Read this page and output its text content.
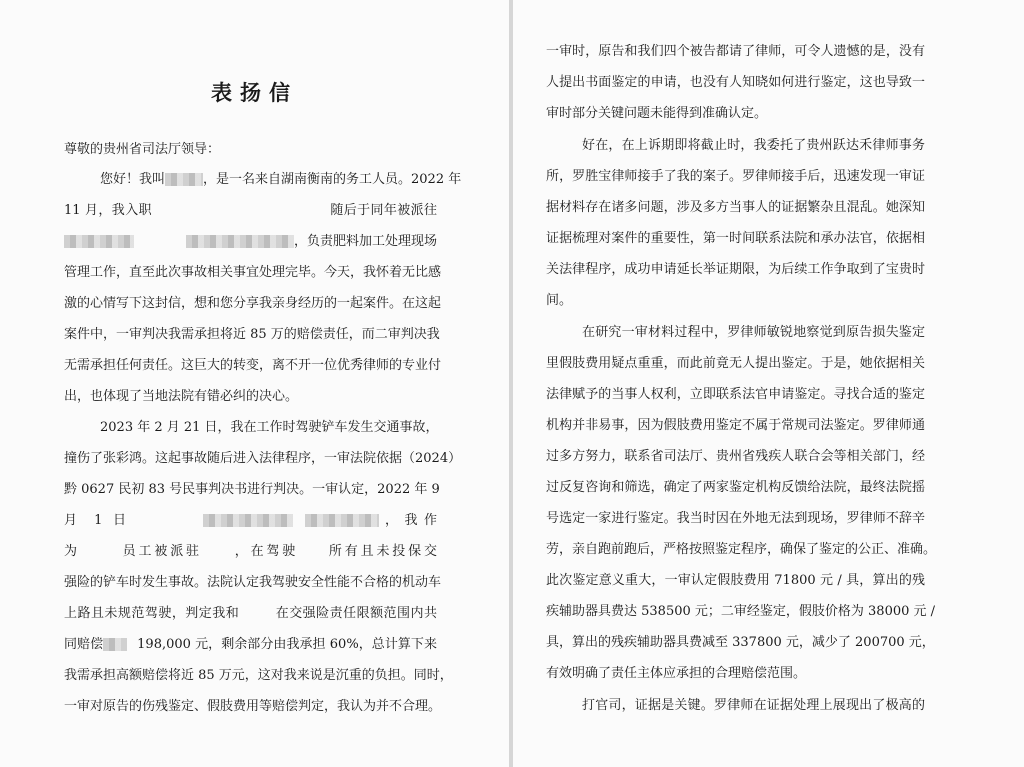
表扬信
尊敬的贵州省司法厅领导：
您好！我叫	，是一名来自湖南衡南的务工人员。2022 年
11 月，我入职	随后于同年被派往
，负责肥料加工处理现场
管理工作，直至此次事故相关事宜处理完毕。今天，我怀着无比感
激的心情写下这封信，想和您分享我亲身经历的一起案件。在这起
案件中，一审判决我需承担将近 85 万的赔偿责任，而二审判决我
无需承担任何责任。这巨大的转变，离不开一位优秀律师的专业付
出，也体现了当地法院有错必纠的决心。
2023 年 2 月 21 日，我在工作时驾驶铲车发生交通事故，
撞伤了张彩鸿。这起事故随后进入法律程序，一审法院依据（2024）
黔 0627 民初 83 号民事判决书进行判决。一审认定，2022 年 9
月 1 日	，我作
为	员工被派驻 ，在驾驶 所有且未投保交
强险的铲车时发生事故。法院认定我驾驶安全性能不合格的机动车
上路且未规范驾驶，判定我和	在交强险责任限额范围内共
同赔偿	198,000 元，剩余部分由我承担 60%，总计算下来
我需承担高额赔偿将近 85 万元，这对我来说是沉重的负担。同时，
一审对原告的伤残鉴定、假肢费用等赔偿判定，我认为并不合理。
一审时，原告和我们四个被告都请了律师，可令人遗憾的是，没有
人提出书面鉴定的申请，也没有人知晓如何进行鉴定，这也导致一
审时部分关键问题未能得到准确认定。
好在，在上诉期即将截止时，我委托了贵州跃达禾律师事务
所，罗胜宝律师接手了我的案子。罗律师接手后，迅速发现一审证
据材料存在诸多问题，涉及多方当事人的证据繁杂且混乱。她深知
证据梳理对案件的重要性，第一时间联系法院和承办法官，依据相
关法律程序，成功申请延长举证期限，为后续工作争取到了宝贵时
间。
在研究一审材料过程中，罗律师敏锐地察觉到原告损失鉴定
里假肢费用疑点重重，而此前竟无人提出鉴定。于是，她依据相关
法律赋予的当事人权利，立即联系法官申请鉴定。寻找合适的鉴定
机构并非易事，因为假肢费用鉴定不属于常规司法鉴定。罗律师通
过多方努力，联系省司法厅、贵州省残疾人联合会等相关部门，经
过反复咨询和筛选，确定了两家鉴定机构反馈给法院，最终法院摇
号选定一家进行鉴定。我当时因在外地无法到现场，罗律师不辞辛
劳，亲自跑前跑后，严格按照鉴定程序，确保了鉴定的公正、准确。
此次鉴定意义重大，一审认定假肢费用 71800 元 / 具，算出的残
疾辅助器具费达 538500 元；二审经鉴定，假肢价格为 38000 元 /
具，算出的残疾辅助器具费减至 337800 元，减少了 200700 元，
有效明确了责任主体应承担的合理赔偿范围。
打官司，证据是关键。罗律师在证据处理上展现出了极高的
